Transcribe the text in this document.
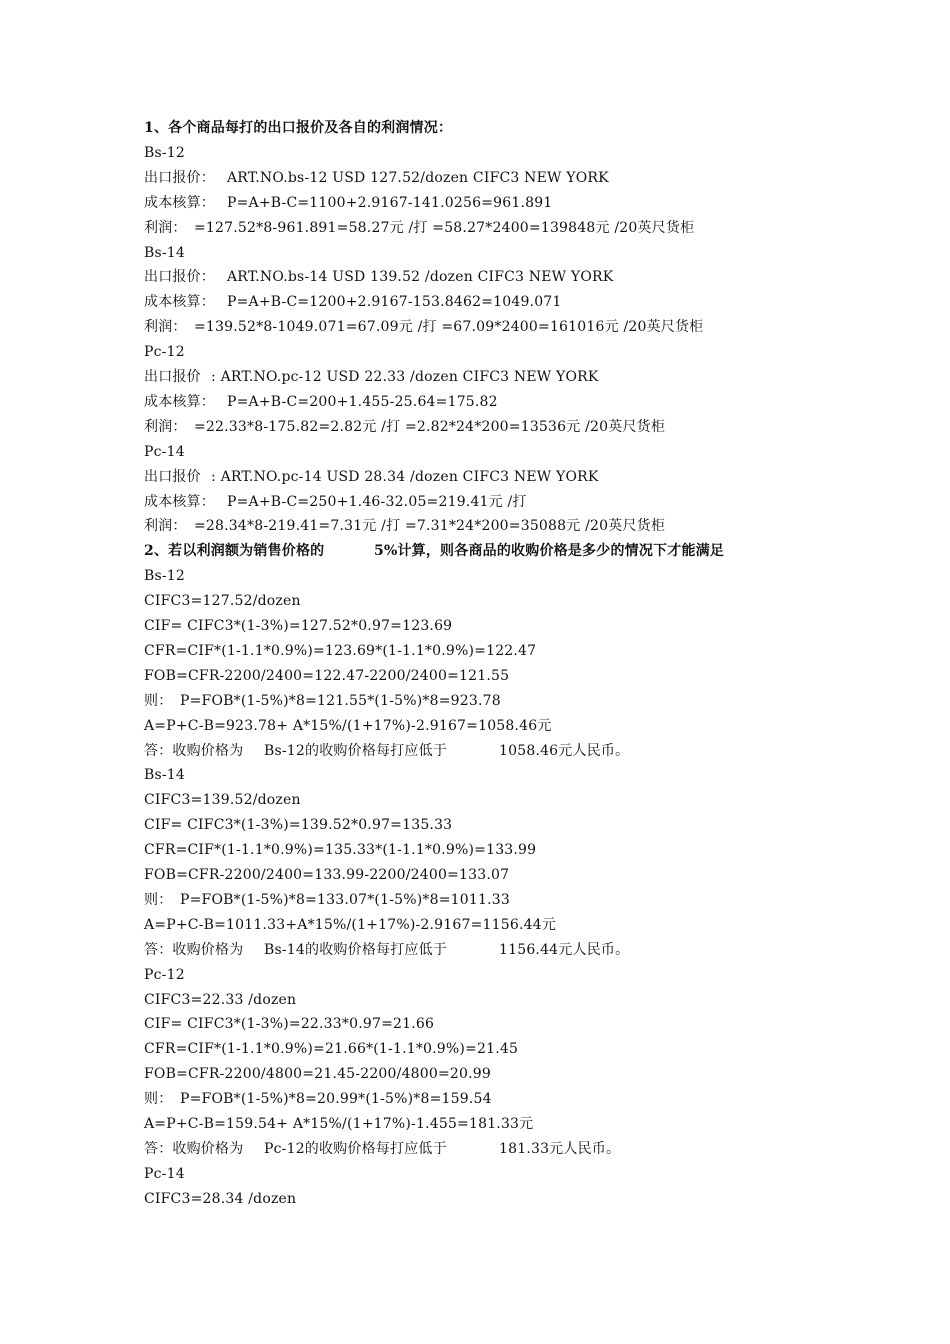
1、各个商品每打的出口报价及各自的利润情况：
Bs-12
出口报价： ART.NO.bs-12 USD 127.52/dozen CIFC3 NEW YORK
成本核算： P=A+B-C=1100+2.9167-141.0256=961.891
利润： =127.52*8-961.891=58.27元 /打 =58.27*2400=139848元 /20英尺货柜
Bs-14
出口报价： ART.NO.bs-14 USD 139.52 /dozen CIFC3 NEW YORK
成本核算： P=A+B-C=1200+2.9167-153.8462=1049.071
利润： =139.52*8-1049.071=67.09元 /打 =67.09*2400=161016元 /20英尺货柜
Pc-12
出口报价 : ART.NO.pc-12 USD 22.33 /dozen CIFC3 NEW YORK
成本核算： P=A+B-C=200+1.455-25.64=175.82
利润： =22.33*8-175.82=2.82元 /打 =2.82*24*200=13536元 /20英尺货柜
Pc-14
出口报价 : ART.NO.pc-14 USD 28.34 /dozen CIFC3 NEW YORK
成本核算： P=A+B-C=250+1.46-32.05=219.41元 /打
利润： =28.34*8-219.41=7.31元 /打 =7.31*24*200=35088元 /20英尺货柜
2、若以利润额为销售价格的	5%计算，则各商品的收购价格是多少的情况下才能满足
Bs-12
CIFC3=127.52/dozen
CIF= CIFC3*(1-3%)=127.52*0.97=123.69
CFR=CIF*(1-1.1*0.9%)=123.69*(1-1.1*0.9%)=122.47
FOB=CFR-2200/2400=122.47-2200/2400=121.55
则： P=FOB*(1-5%)*8=121.55*(1-5%)*8=923.78
A=P+C-B=923.78+ A*15%/(1+17%)-2.9167=1058.46元
答：收购价格为 Bs-12的收购价格每打应低于	1058.46元人民币。
Bs-14
CIFC3=139.52/dozen
CIF= CIFC3*(1-3%)=139.52*0.97=135.33
CFR=CIF*(1-1.1*0.9%)=135.33*(1-1.1*0.9%)=133.99
FOB=CFR-2200/2400=133.99-2200/2400=133.07
则： P=FOB*(1-5%)*8=133.07*(1-5%)*8=1011.33
A=P+C-B=1011.33+A*15%/(1+17%)-2.9167=1156.44元
答：收购价格为 Bs-14的收购价格每打应低于	1156.44元人民币。
Pc-12
CIFC3=22.33 /dozen
CIF= CIFC3*(1-3%)=22.33*0.97=21.66
CFR=CIF*(1-1.1*0.9%)=21.66*(1-1.1*0.9%)=21.45
FOB=CFR-2200/4800=21.45-2200/4800=20.99
则： P=FOB*(1-5%)*8=20.99*(1-5%)*8=159.54
A=P+C-B=159.54+ A*15%/(1+17%)-1.455=181.33元
答：收购价格为 Pc-12的收购价格每打应低于	181.33元人民币。
Pc-14
CIFC3=28.34 /dozen
